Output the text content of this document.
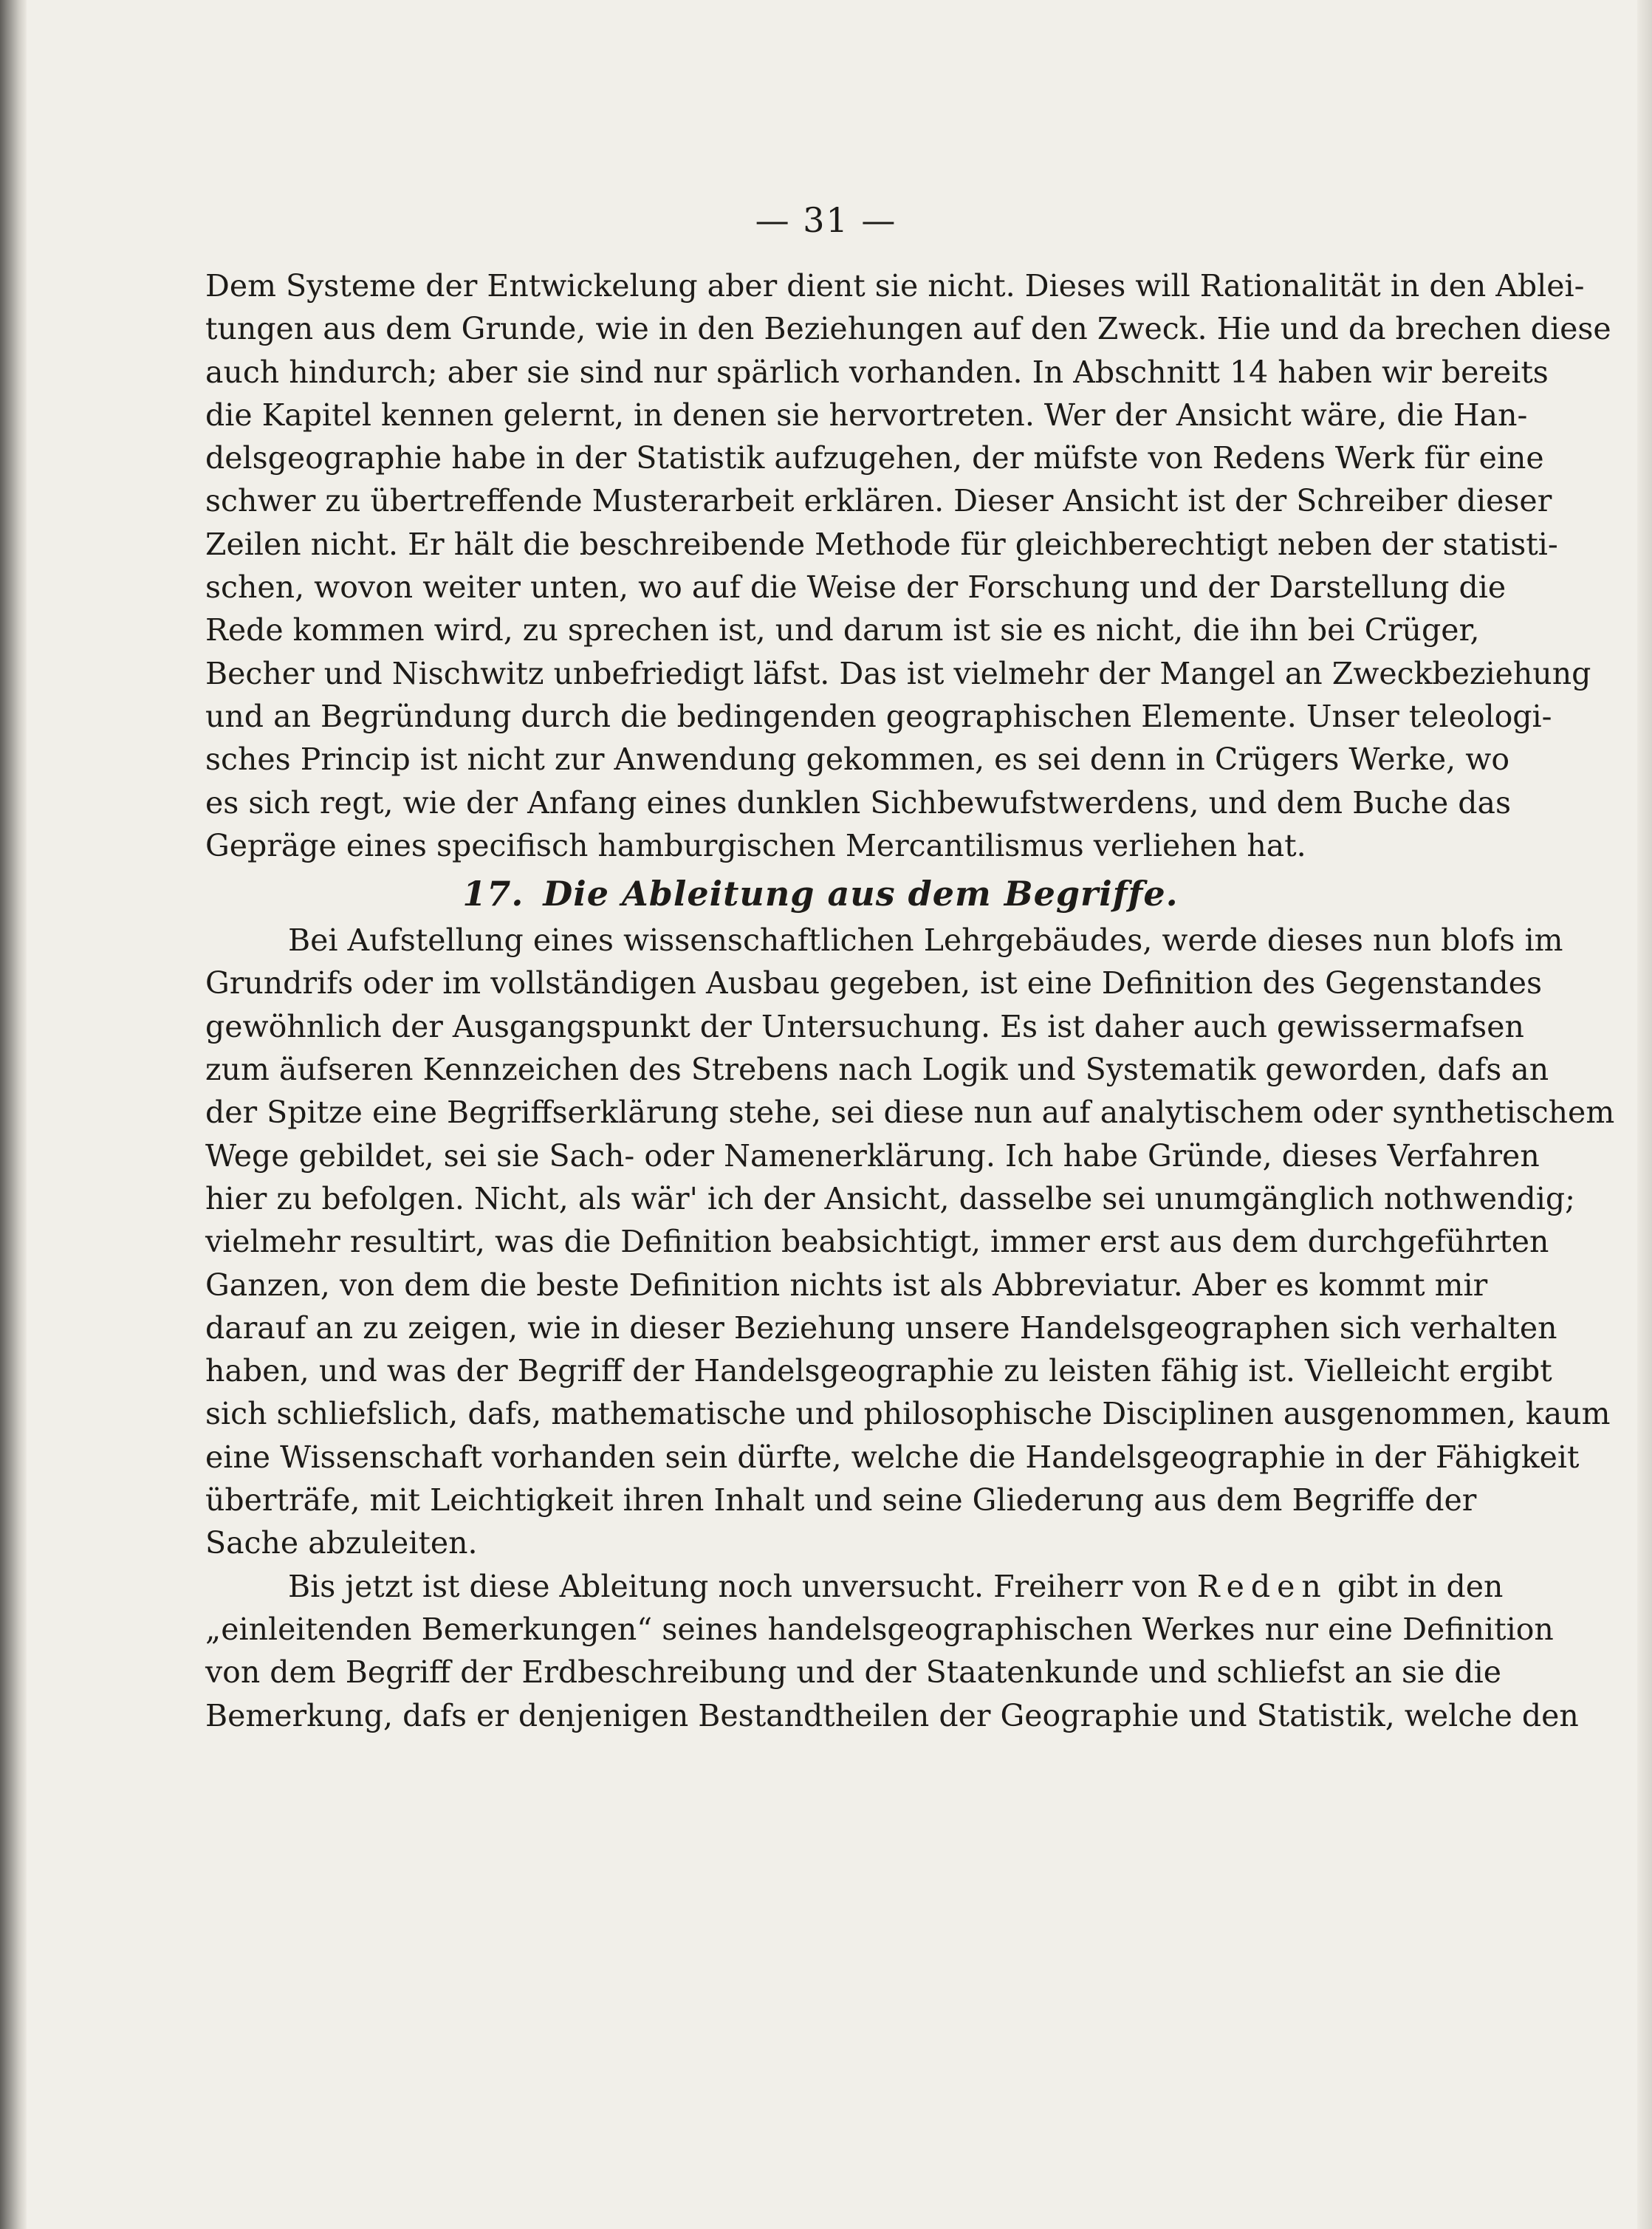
— 31 —
Dem Systeme der Entwickelung aber dient sie nicht. Dieses will Rationalität in den Ablei-
tungen aus dem Grunde, wie in den Beziehungen auf den Zweck. Hie und da brechen diese
auch hindurch; aber sie sind nur spärlich vorhanden. In Abschnitt 14 haben wir bereits
die Kapitel kennen gelernt, in denen sie hervortreten. Wer der Ansicht wäre, die Han-
delsgeographie habe in der Statistik aufzugehen, der müfste von Redens Werk für eine
schwer zu übertreffende Musterarbeit erklären. Dieser Ansicht ist der Schreiber dieser
Zeilen nicht. Er hält die beschreibende Methode für gleichberechtigt neben der statisti-
schen, wovon weiter unten, wo auf die Weise der Forschung und der Darstellung die
Rede kommen wird, zu sprechen ist, und darum ist sie es nicht, die ihn bei Crüger,
Becher und Nischwitz unbefriedigt läfst. Das ist vielmehr der Mangel an Zweckbeziehung
und an Begründung durch die bedingenden geographischen Elemente. Unser teleologi-
sches Princip ist nicht zur Anwendung gekommen, es sei denn in Crügers Werke, wo
es sich regt, wie der Anfang eines dunklen Sichbewufstwerdens, und dem Buche das
Gepräge eines specifisch hamburgischen Mercantilismus verliehen hat.
17. Die Ableitung aus dem Begriffe.
Bei Aufstellung eines wissenschaftlichen Lehrgebäudes, werde dieses nun blofs im
Grundrifs oder im vollständigen Ausbau gegeben, ist eine Definition des Gegenstandes
gewöhnlich der Ausgangspunkt der Untersuchung. Es ist daher auch gewissermafsen
zum äufseren Kennzeichen des Strebens nach Logik und Systematik geworden, dafs an
der Spitze eine Begriffserklärung stehe, sei diese nun auf analytischem oder synthetischem
Wege gebildet, sei sie Sach- oder Namenerklärung. Ich habe Gründe, dieses Verfahren
hier zu befolgen. Nicht, als wär' ich der Ansicht, dasselbe sei unumgänglich nothwendig;
vielmehr resultirt, was die Definition beabsichtigt, immer erst aus dem durchgeführten
Ganzen, von dem die beste Definition nichts ist als Abbreviatur. Aber es kommt mir
darauf an zu zeigen, wie in dieser Beziehung unsere Handelsgeographen sich verhalten
haben, und was der Begriff der Handelsgeographie zu leisten fähig ist. Vielleicht ergibt
sich schliefslich, dafs, mathematische und philosophische Disciplinen ausgenommen, kaum
eine Wissenschaft vorhanden sein dürfte, welche die Handelsgeographie in der Fähigkeit
überträfe, mit Leichtigkeit ihren Inhalt und seine Gliederung aus dem Begriffe der
Sache abzuleiten.
Bis jetzt ist diese Ableitung noch unversucht. Freiherr von Reden gibt in den
„einleitenden Bemerkungen“ seines handelsgeographischen Werkes nur eine Definition
von dem Begriff der Erdbeschreibung und der Staatenkunde und schliefst an sie die
Bemerkung, dafs er denjenigen Bestandtheilen der Geographie und Statistik, welche den
